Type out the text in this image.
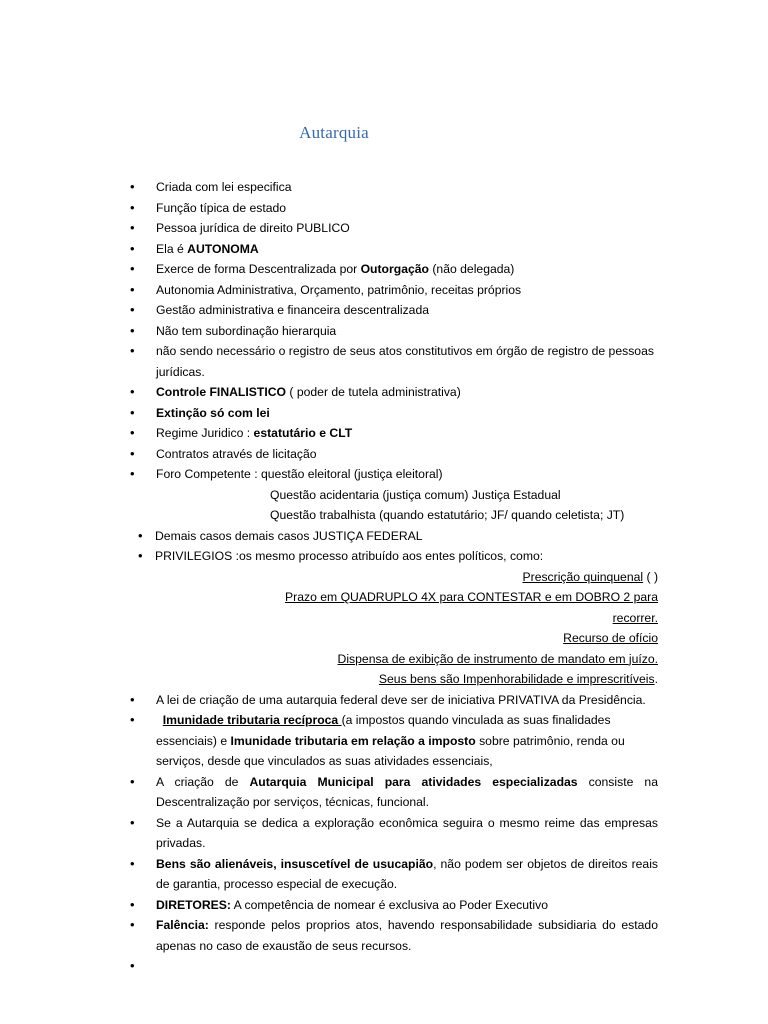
Autarquia
• Criada com lei especifica
• Função típica de estado
• Pessoa jurídica de direito PUBLICO
• Ela é AUTONOMA
• Exerce de forma Descentralizada por Outorgação (não delegada)
• Autonomia Administrativa, Orçamento, patrimônio, receitas próprios
• Gestão administrativa e financeira descentralizada
• Não tem subordinação hierarquia
• não sendo necessário o registro de seus atos constitutivos em órgão de registro de pessoas jurídicas.
• Controle FINALISTICO ( poder de tutela administrativa)
• Extinção só com lei
• Regime Juridico : estatutário e CLT
• Contratos através de licitação
• Foro Competente : questão eleitoral (justiça eleitoral)
Questão acidentaria (justiça comum) Justiça Estadual
Questão trabalhista (quando estatutário; JF/ quando celetista; JT)
• Demais casos demais casos JUSTIÇA FEDERAL
• PRIVILEGIOS :os mesmo processo atribuído aos entes políticos, como:
Prescrição quinquenal ( )
Prazo em QUADRUPLO 4X para CONTESTAR e em DOBRO 2 para
recorrer.
Recurso de ofício
Dispensa de exibição de instrumento de mandato em juízo.
Seus bens são Impenhorabilidade e imprescritíveis.
• A lei de criação de uma autarquia federal deve ser de iniciativa PRIVATIVA da Presidência.
•	Imunidade tributaria recíproca (a impostos quando vinculada as suas finalidades essenciais) e Imunidade tributaria em relação a imposto sobre patrimônio, renda ou serviços, desde que vinculados as suas atividades essenciais,
• A criação de Autarquia Municipal para atividades especializadas consiste na Descentralização por serviços, técnicas, funcional.
• Se a Autarquia se dedica a exploração econômica seguira o mesmo reime das empresas privadas.
• Bens são alienáveis, insuscetível de usucapião, não podem ser objetos de direitos reais de garantia, processo especial de execução.
• DIRETORES: A competência de nomear é exclusiva ao Poder Executivo
• Falência: responde pelos proprios atos, havendo responsabilidade subsidiaria do estado apenas no caso de exaustão de seus recursos.
•
